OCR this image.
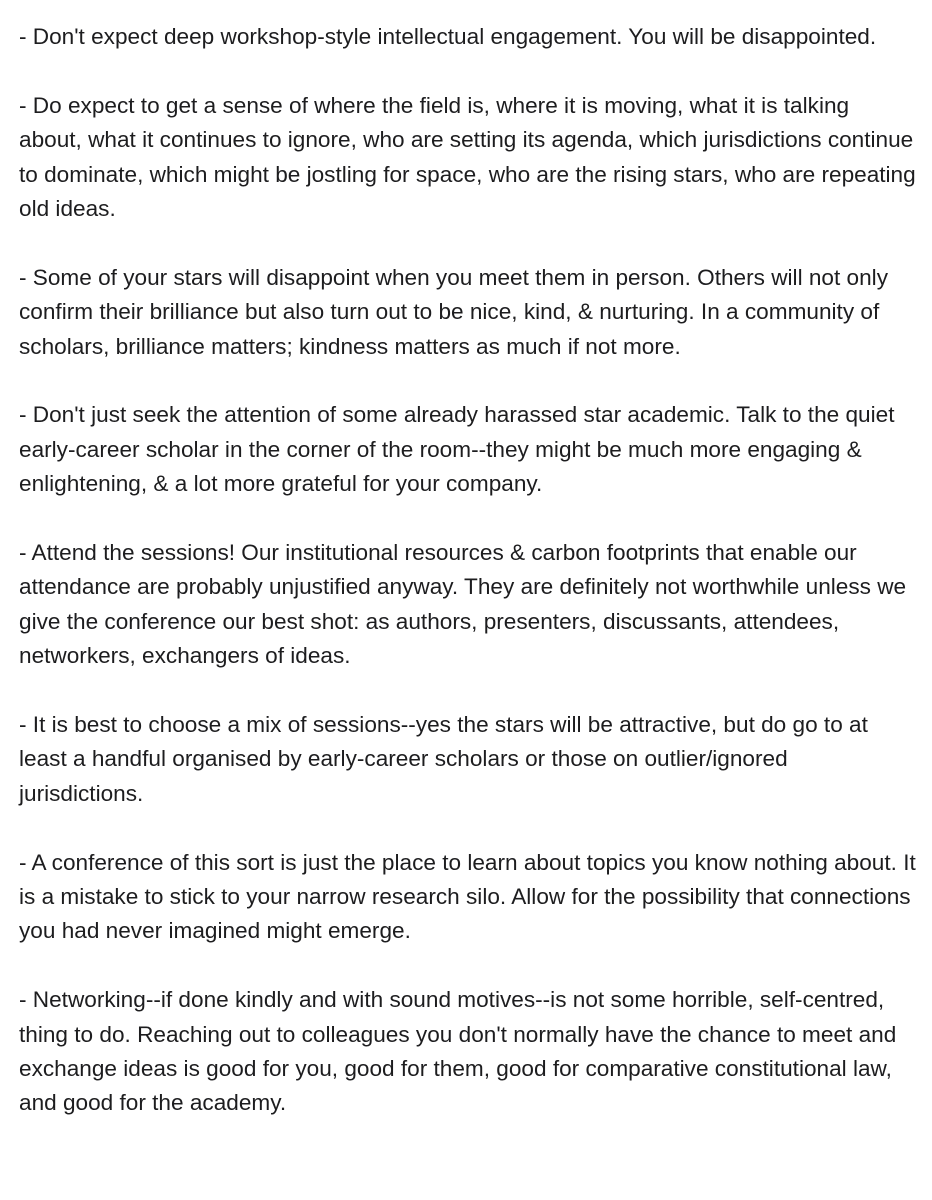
- Don't expect deep workshop-style intellectual engagement. You will be disappointed.

- Do expect to get a sense of where the field is, where it is moving, what it is talking about, what it continues to ignore, who are setting its agenda, which jurisdictions continue to dominate, which might be jostling for space, who are the rising stars, who are repeating old ideas.

- Some of your stars will disappoint when you meet them in person. Others will not only confirm their brilliance but also turn out to be nice, kind, & nurturing. In a community of scholars, brilliance matters; kindness matters as much if not more.

- Don't just seek the attention of some already harassed star academic. Talk to the quiet early-career scholar in the corner of the room--they might be much more engaging & enlightening, & a lot more grateful for your company.

- Attend the sessions! Our institutional resources & carbon footprints that enable our attendance are probably unjustified anyway. They are definitely not worthwhile unless we give the conference our best shot: as authors, presenters, discussants, attendees, networkers, exchangers of ideas.

- It is best to choose a mix of sessions--yes the stars will be attractive, but do go to at least a handful organised by early-career scholars or those on outlier/ignored jurisdictions.

- A conference of this sort is just the place to learn about topics you know nothing about. It is a mistake to stick to your narrow research silo. Allow for the possibility that connections you had never imagined might emerge.

- Networking--if done kindly and with sound motives--is not some horrible, self-centred, thing to do. Reaching out to colleagues you don't normally have the chance to meet and exchange ideas is good for you, good for them, good for comparative constitutional law, and good for the academy.
